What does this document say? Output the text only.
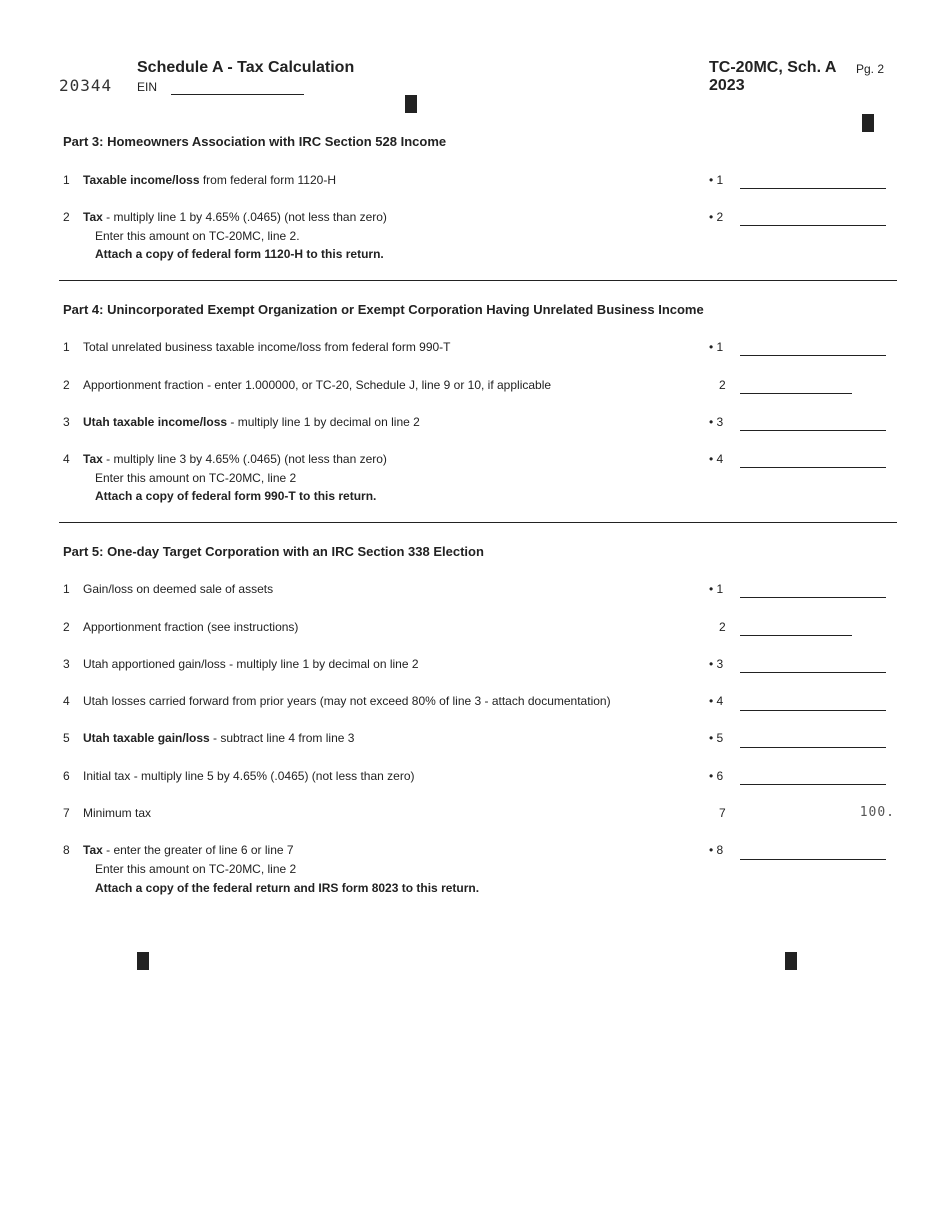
20344
Schedule A - Tax Calculation
EIN
TC-20MC, Sch. A Pg. 2
2023
Part 3: Homeowners Association with IRC Section 528 Income
1 Taxable income/loss from federal form 1120-H	• 1
2 Tax - multiply line 1 by 4.65% (.0465) (not less than zero)
Enter this amount on TC-20MC, line 2.
Attach a copy of federal form 1120-H to this return.
• 2
Part 4: Unincorporated Exempt Organization or Exempt Corporation Having Unrelated Business Income
1 Total unrelated business taxable income/loss from federal form 990-T	• 1
2 Apportionment fraction - enter 1.000000, or TC-20, Schedule J, line 9 or 10, if applicable	2
3 Utah taxable income/loss - multiply line 1 by decimal on line 2	• 3
4 Tax - multiply line 3 by 4.65% (.0465) (not less than zero)
Enter this amount on TC-20MC, line 2
Attach a copy of federal form 990-T to this return.
• 4
Part 5: One-day Target Corporation with an IRC Section 338 Election
1 Gain/loss on deemed sale of assets	• 1
2 Apportionment fraction (see instructions)	2
3 Utah apportioned gain/loss - multiply line 1 by decimal on line 2	• 3
4 Utah losses carried forward from prior years (may not exceed 80% of line 3 - attach documentation)	• 4
5 Utah taxable gain/loss - subtract line 4 from line 3	• 5
6 Initial tax - multiply line 5 by 4.65% (.0465) (not less than zero)	• 6
7 Minimum tax	7	100.
8 Tax - enter the greater of line 6 or line 7
Enter this amount on TC-20MC, line 2
Attach a copy of the federal return and IRS form 8023 to this return.
• 8
